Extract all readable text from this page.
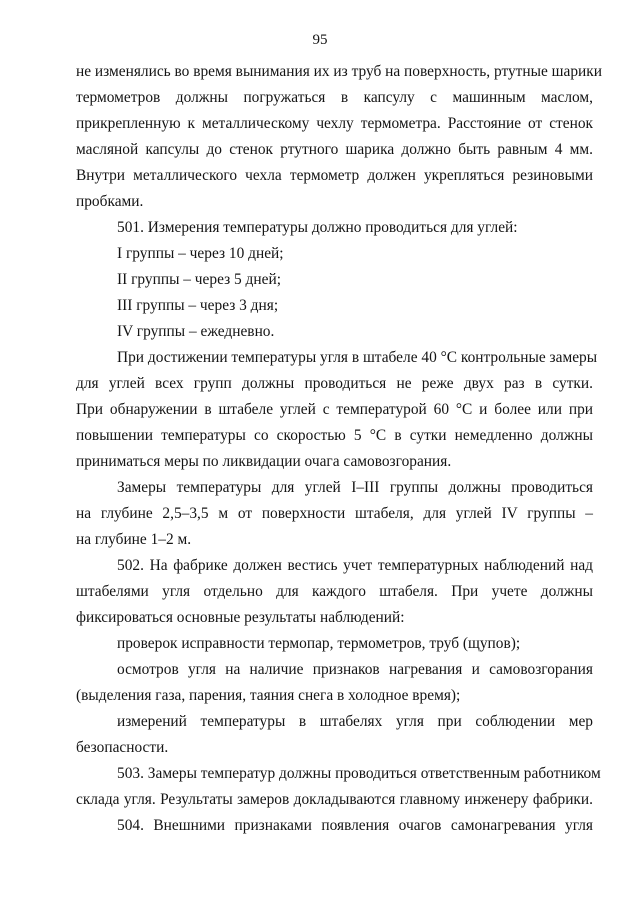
95
не изменялись во время вынимания их из труб на поверхность, ртутные шарики
термометров должны погружаться в капсулу с машинным маслом,
прикрепленную к металлическому чехлу термометра. Расстояние от стенок
масляной капсулы до стенок ртутного шарика должно быть равным 4 мм.
Внутри металлического чехла термометр должен укрепляться резиновыми
пробками.
501. Измерения температуры должно проводиться для углей:
I группы – через 10 дней;
II группы – через 5 дней;
III группы – через 3 дня;
IV группы – ежедневно.
При достижении температуры угля в штабеле 40 °С контрольные замеры
для углей всех групп должны проводиться не реже двух раз в сутки.
При обнаружении в штабеле углей с температурой 60 °С и более или при
повышении температуры со скоростью 5 °С в сутки немедленно должны
приниматься меры по ликвидации очага самовозгорания.
Замеры температуры для углей I–III группы должны проводиться
на глубине 2,5–3,5 м от поверхности штабеля, для углей IV группы –
на глубине 1–2 м.
502. На фабрике должен вестись учет температурных наблюдений над
штабелями угля отдельно для каждого штабеля. При учете должны
фиксироваться основные результаты наблюдений:
проверок исправности термопар, термометров, труб (щупов);
осмотров угля на наличие признаков нагревания и самовозгорания
(выделения газа, парения, таяния снега в холодное время);
измерений температуры в штабелях угля при соблюдении мер
безопасности.
503. Замеры температур должны проводиться ответственным работником
склада угля. Результаты замеров докладываются главному инженеру фабрики.
504. Внешними признаками появления очагов самонагревания угля
